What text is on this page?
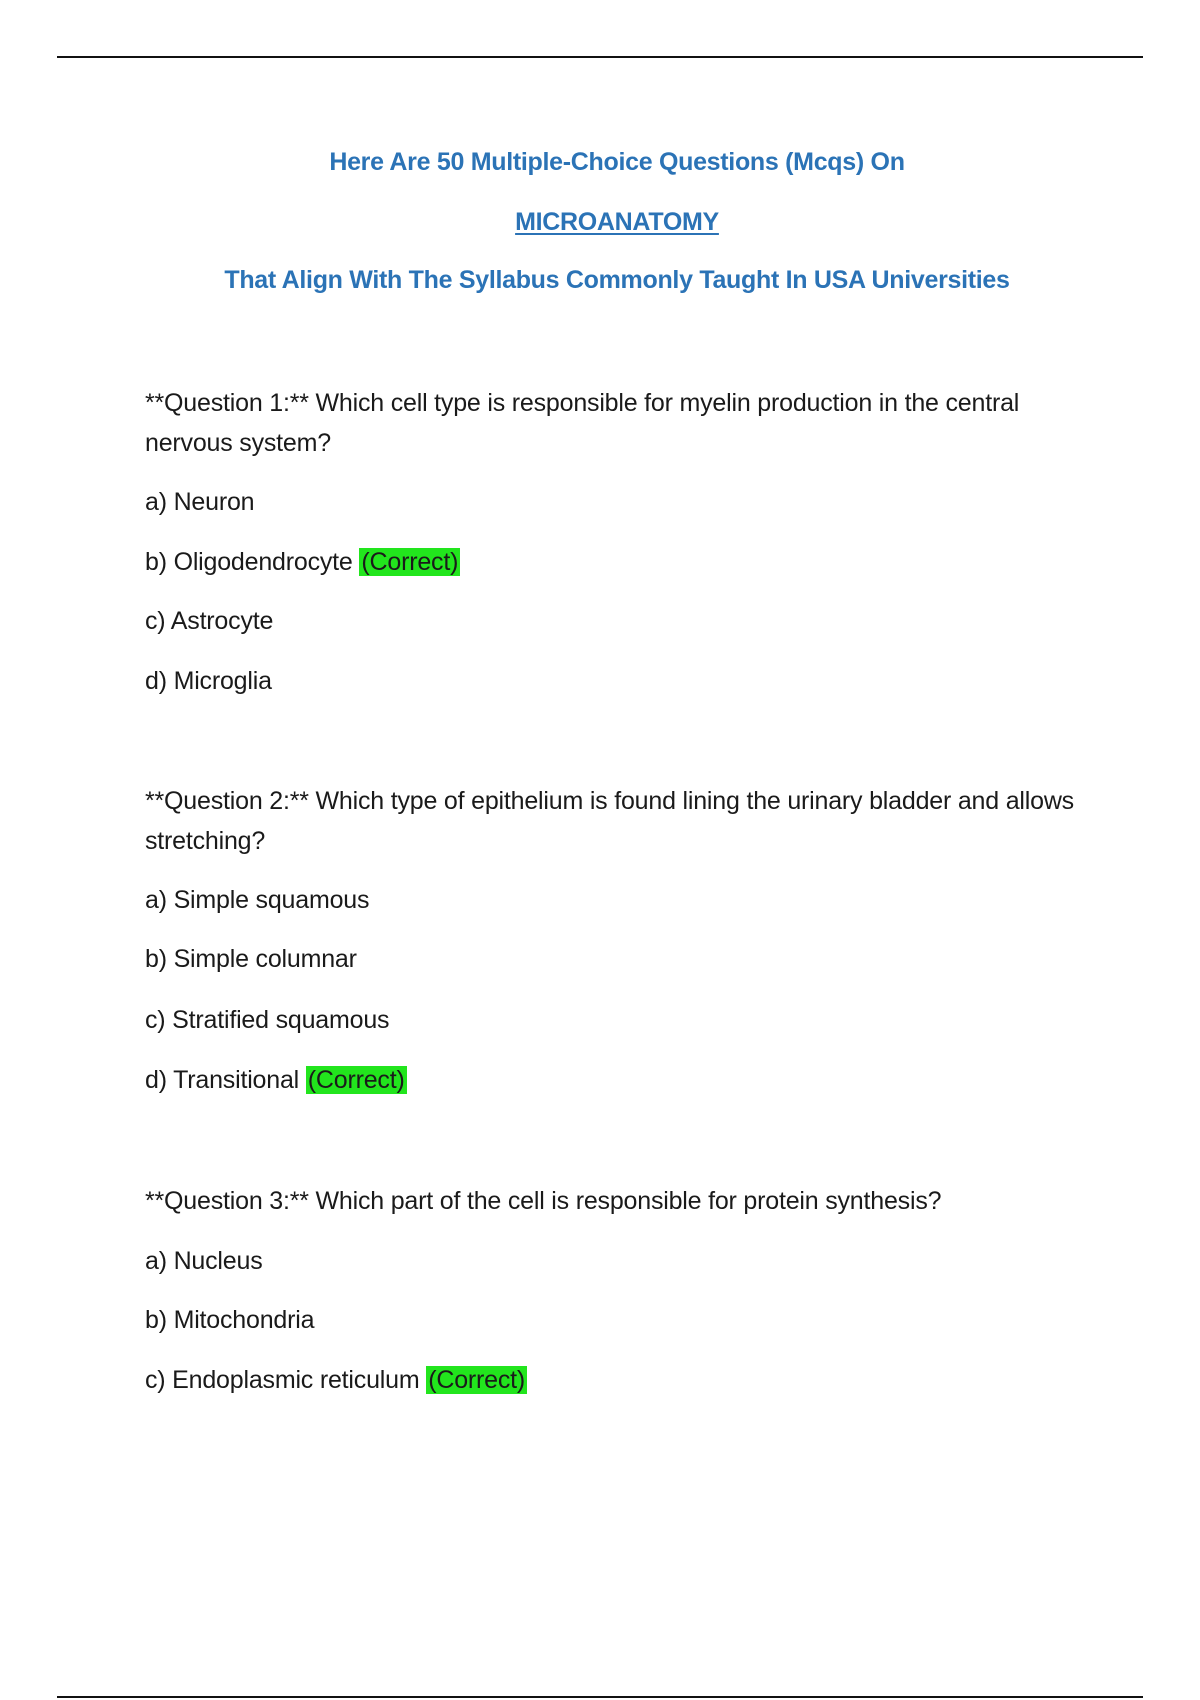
Here Are 50 Multiple-Choice Questions (Mcqs) On
MICROANATOMY
That Align With The Syllabus Commonly Taught In USA Universities
**Question 1:** Which cell type is responsible for myelin production in the central nervous system?
a) Neuron
b) Oligodendrocyte (Correct)
c) Astrocyte
d) Microglia
**Question 2:** Which type of epithelium is found lining the urinary bladder and allows stretching?
a) Simple squamous
b) Simple columnar
c) Stratified squamous
d) Transitional (Correct)
**Question 3:** Which part of the cell is responsible for protein synthesis?
a) Nucleus
b) Mitochondria
c) Endoplasmic reticulum (Correct)
